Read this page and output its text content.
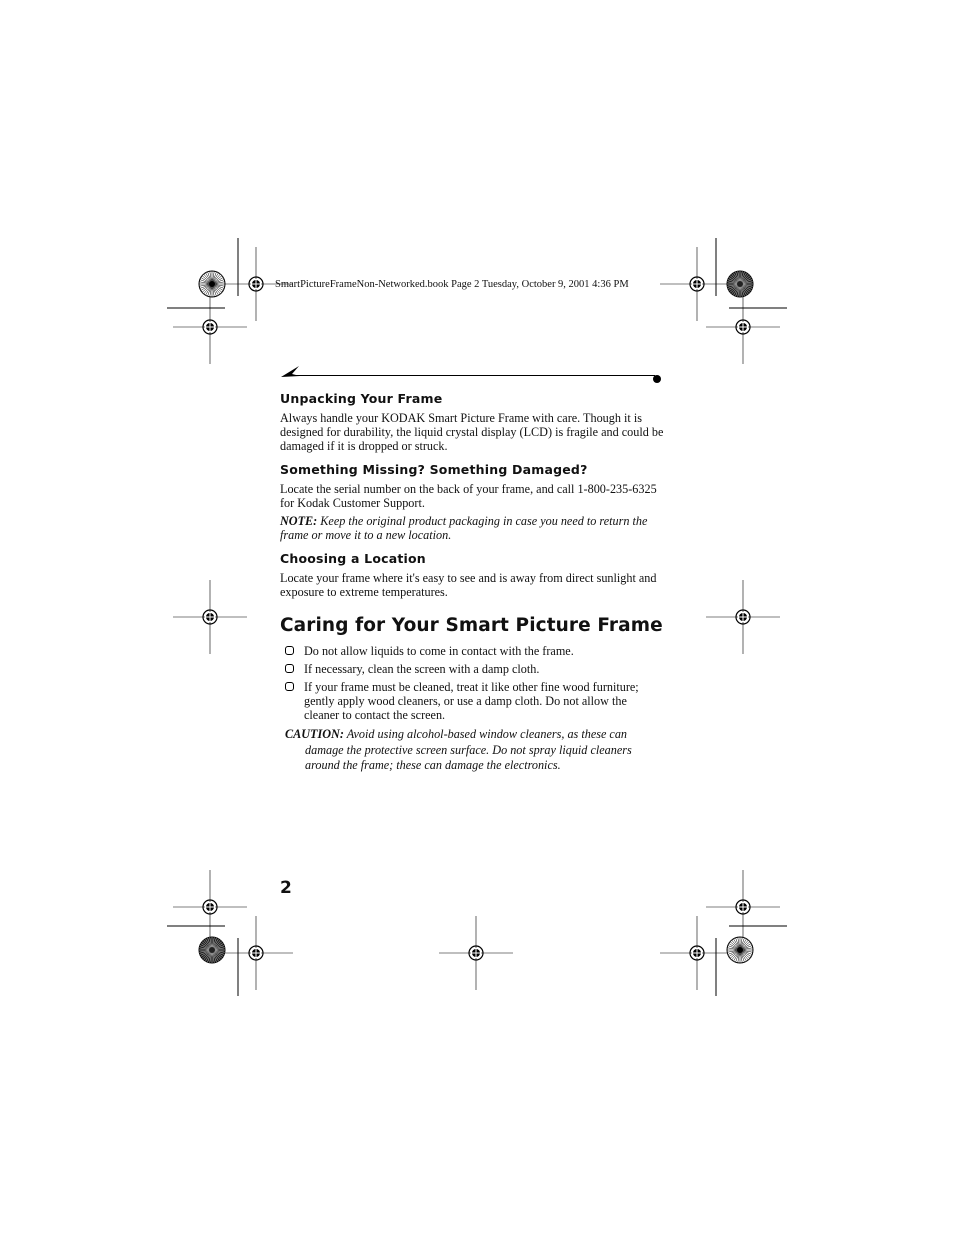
SmartPictureFrameNon-Networked.book Page 2 Tuesday, October 9, 2001 4:36 PM
Unpacking Your Frame

Always handle your KODAK Smart Picture Frame with care. Though it is designed for durability, the liquid crystal display (LCD) is fragile and could be damaged if it is dropped or struck.

Something Missing? Something Damaged?

Locate the serial number on the back of your frame, and call 1-800-235-6325 for Kodak Customer Support.

NOTE: Keep the original product packaging in case you need to return the frame or move it to a new location.
Choosing a Location

Locate your frame where it's easy to see and is away from direct sunlight and exposure to extreme temperatures.

Caring for Your Smart Picture Frame
Do not allow liquids to come in contact with the frame.
If necessary, clean the screen with a damp cloth.
If your frame must be cleaned, treat it like other fine wood furniture; gently apply wood cleaners, or use a damp cloth. Do not allow the cleaner to contact the screen.
CAUTION: Avoid using alcohol-based window cleaners, as these can
damage the protective screen surface. Do not spray liquid cleaners around the frame; these can damage the electronics.
2
